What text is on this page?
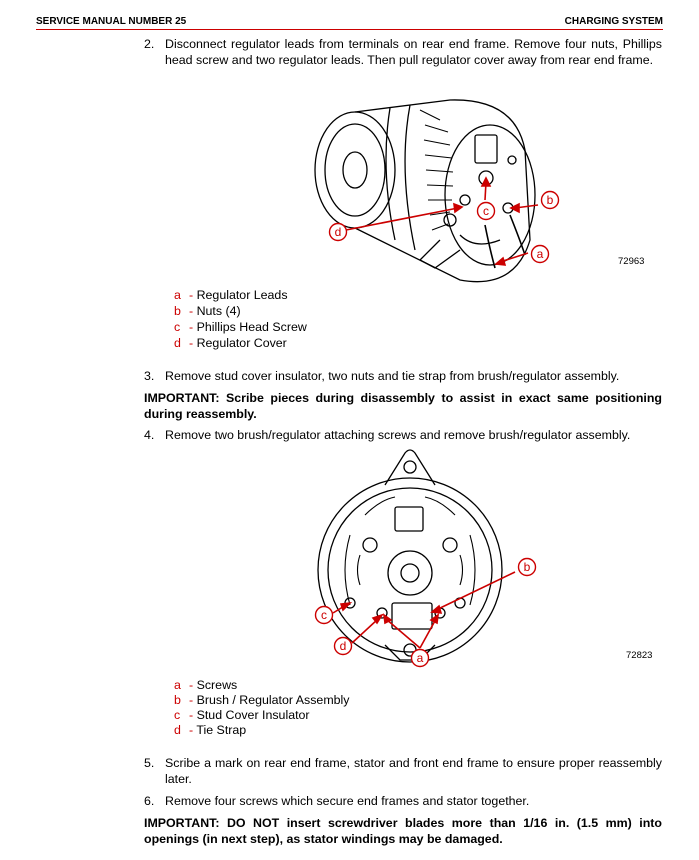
SERVICE MANUAL NUMBER 25	CHARGING SYSTEM
2. Disconnect regulator leads from terminals on rear end frame. Remove four nuts, Phillips head screw and two regulator leads. Then pull regulator cover away from rear end frame.
c
b
d
a
72963
a - Regulator Leads
b - Nuts (4)
c - Phillips Head Screw
d - Regulator Cover
3. Remove stud cover insulator, two nuts and tie strap from brush/regulator assembly.
IMPORTANT: Scribe pieces during disassembly to assist in exact same positioning during reassembly.
4. Remove two brush/regulator attaching screws and remove brush/regulator assembly.
b
c
d
a	72823
a - Screws
b - Brush / Regulator Assembly
c - Stud Cover Insulator
d - Tie Strap
5. Scribe a mark on rear end frame, stator and front end frame to ensure proper reassembly later.
6. Remove four screws which secure end frames and stator together.
IMPORTANT: DO NOT insert screwdriver blades more than 1/16 in. (1.5 mm) into openings (in next step), as stator windings may be damaged.
